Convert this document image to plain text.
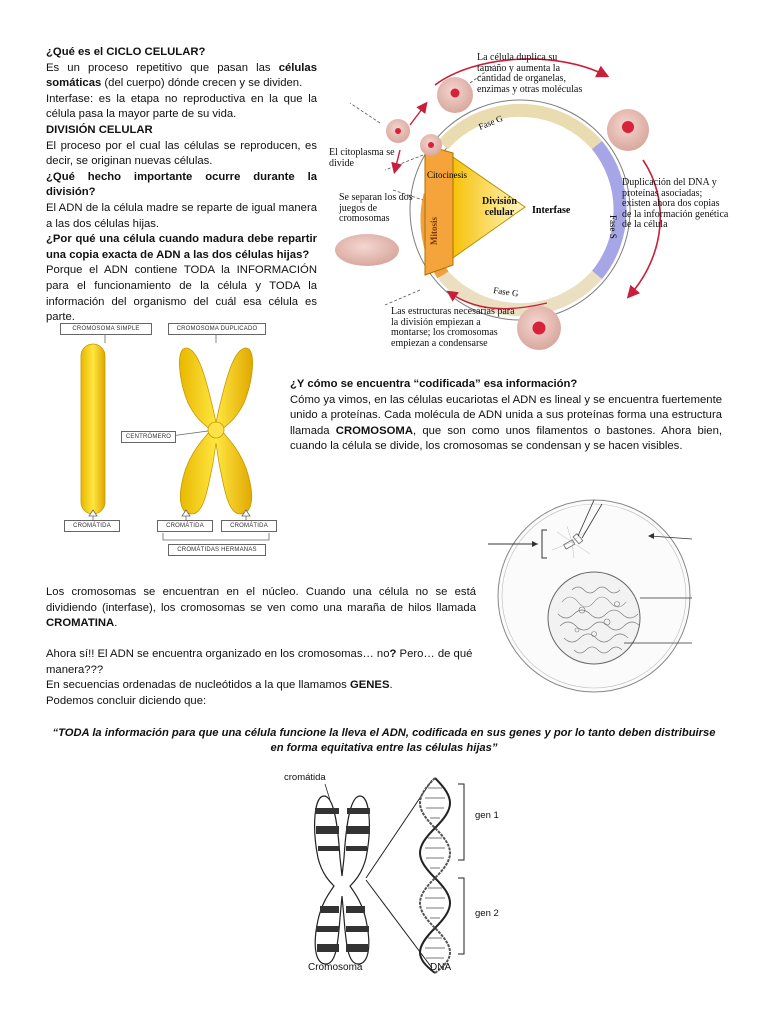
¿Qué es el CICLO CELULAR?

Es un proceso repetitivo que pasan las células somáticas (del cuerpo) dónde crecen y se dividen.

Interfase: es la etapa no reproductiva en la que la célula pasa la mayor parte de su vida.

DIVISIÓN CELULAR

El proceso por el cual las células se reproducen, es decir, se originan nuevas células.

¿Qué hecho importante ocurre durante la división?

El ADN de la célula madre se reparte de igual manera a las dos células hijas.

¿Por qué una célula cuando madura debe repartir una copia exacta de ADN a las dos células hijas?

Porque el ADN contiene TODA la INFORMACIÓN para el funcionamiento de la célula y TODA la información del organismo del cuál esa célula es parte.

Fase G
Fase S
Fase G
Citocinesis
Mitosis
Interfase
División celular
La célula duplica su tamaño y aumenta la cantidad de organelas, enzimas y otras moléculas
Duplicación del DNA y proteínas asociadas; existen ahora dos copias de la información genética de la célula
Las estructuras necesarias para la división empiezan a montarse; los cromosomas empiezan a condensarse
El citoplasma se divide
Se separan los dos juegos de cromosomas
CROMOSOMA SIMPLE	CROMOSOMA DUPLICADO
CENTRÓMERO
CROMÁTIDA	CROMÁTIDA	CROMÁTIDA
CROMÁTIDAS HERMANAS

¿Y cómo se encuentra “codificada” esa información?

Cómo ya vimos, en las células eucariotas el ADN es lineal y se encuentra fuertemente unido a proteínas. Cada molécula de ADN unida a sus proteínas forma una estructura llamada CROMOSOMA, que son como unos filamentos o bastones. Ahora bien, cuando la célula se divide, los cromosomas se condensan y se hacen visibles.

Los cromosomas se encuentran en el núcleo. Cuando una célula no se está dividiendo (interfase), los cromosomas se ven como una maraña de hilos llamada CROMATINA.

Ahora sí!! El ADN se encuentra organizado en los cromosomas… no? Pero… de qué manera???

En secuencias ordenadas de nucleótidos a la que llamamos GENES.

Podemos concluir diciendo que:

“TODA la información para que una célula funcione la lleva el ADN, codificada en sus genes y por lo tanto deben distribuirse en forma equitativa entre las células hijas”
cromátida
gen 1
gen 2
Cromosoma	DNA
